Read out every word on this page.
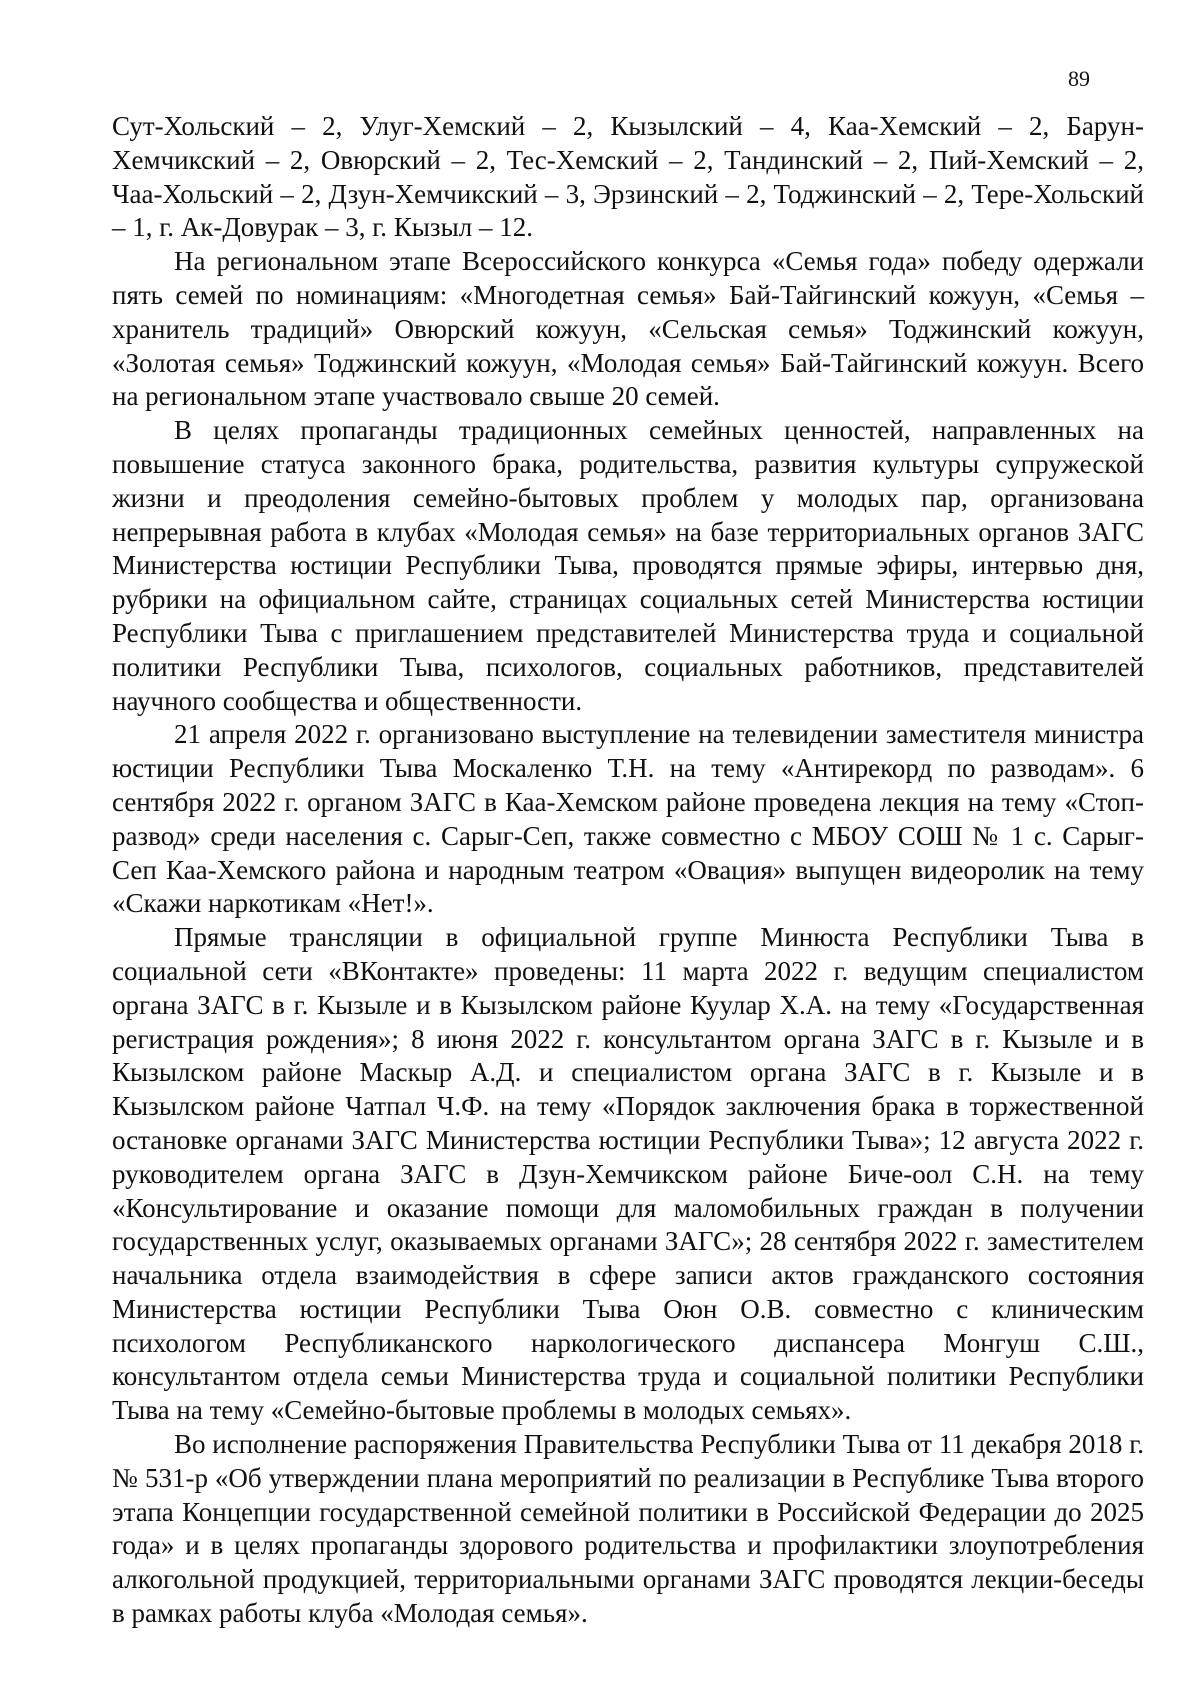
89

Сут-Хольский – 2, Улуг-Хемский – 2, Кызылский – 4, Каа-Хемский – 2, Барун-Хемчикский – 2, Овюрский – 2, Тес-Хемский – 2, Тандинский – 2, Пий-Хемский – 2, Чаа-Хольский – 2, Дзун-Хемчикский – 3, Эрзинский – 2, Тоджинский – 2, Тере-Хольский – 1, г. Ак-Довурак – 3, г. Кызыл – 12.

На региональном этапе Всероссийского конкурса «Семья года» победу одержали пять семей по номинациям: «Многодетная семья» Бай-Тайгинский кожуун, «Семья – хранитель традиций» Овюрский кожуун, «Сельская семья» Тоджинский кожуун, «Золотая семья» Тоджинский кожуун, «Молодая семья» Бай-Тайгинский кожуун. Всего на региональном этапе участвовало свыше 20 семей.

В целях пропаганды традиционных семейных ценностей, направленных на повышение статуса законного брака, родительства, развития культуры супружеской жизни и преодоления семейно-бытовых проблем у молодых пар, организована непрерывная работа в клубах «Молодая семья» на базе территориальных органов ЗАГС Министерства юстиции Республики Тыва, проводятся прямые эфиры, интервью дня, рубрики на официальном сайте, страницах социальных сетей Министерства юстиции Республики Тыва с приглашением представителей Министерства труда и социальной политики Республики Тыва, психологов, социальных работников, представителей научного сообщества и общественности.

21 апреля 2022 г. организовано выступление на телевидении заместителя министра юстиции Республики Тыва Москаленко Т.Н. на тему «Антирекорд по разводам». 6 сентября 2022 г. органом ЗАГС в Каа-Хемском районе проведена лекция на тему «Стоп-развод» среди населения с. Сарыг-Сеп, также совместно с МБОУ СОШ № 1 с. Сарыг-Сеп Каа-Хемского района и народным театром «Овация» выпущен видеоролик на тему «Скажи наркотикам «Нет!».

Прямые трансляции в официальной группе Минюста Республики Тыва в социальной сети «ВКонтакте» проведены: 11 марта 2022 г. ведущим специалистом органа ЗАГС в г. Кызыле и в Кызылском районе Куулар Х.А. на тему «Государственная регистрация рождения»; 8 июня 2022 г. консультантом органа ЗАГС в г. Кызыле и в Кызылском районе Маскыр А.Д. и специалистом органа ЗАГС в г. Кызыле и в Кызылском районе Чатпал Ч.Ф. на тему «Порядок заключения брака в торжественной остановке органами ЗАГС Министерства юстиции Республики Тыва»; 12 августа 2022 г. руководителем органа ЗАГС в Дзун-Хемчикском районе Биче-оол С.Н. на тему «Консультирование и оказание помощи для маломобильных граждан в получении государственных услуг, оказываемых органами ЗАГС»; 28 сентября 2022 г. заместителем начальника отдела взаимодействия в сфере записи актов гражданского состояния Министерства юстиции Республики Тыва Оюн О.В. совместно с клиническим психологом Республиканского наркологического диспансера Монгуш С.Ш., консультантом отдела семьи Министерства труда и социальной политики Республики Тыва на тему «Семейно-бытовые проблемы в молодых семьях».

Во исполнение распоряжения Правительства Республики Тыва от 11 декабря 2018 г. № 531-р «Об утверждении плана мероприятий по реализации в Республике Тыва второго этапа Концепции государственной семейной политики в Российской Федерации до 2025 года» и в целях пропаганды здорового родительства и профилактики злоупотребления алкогольной продукцией, территориальными органами ЗАГС проводятся лекции-беседы в рамках работы клуба «Молодая семья».
